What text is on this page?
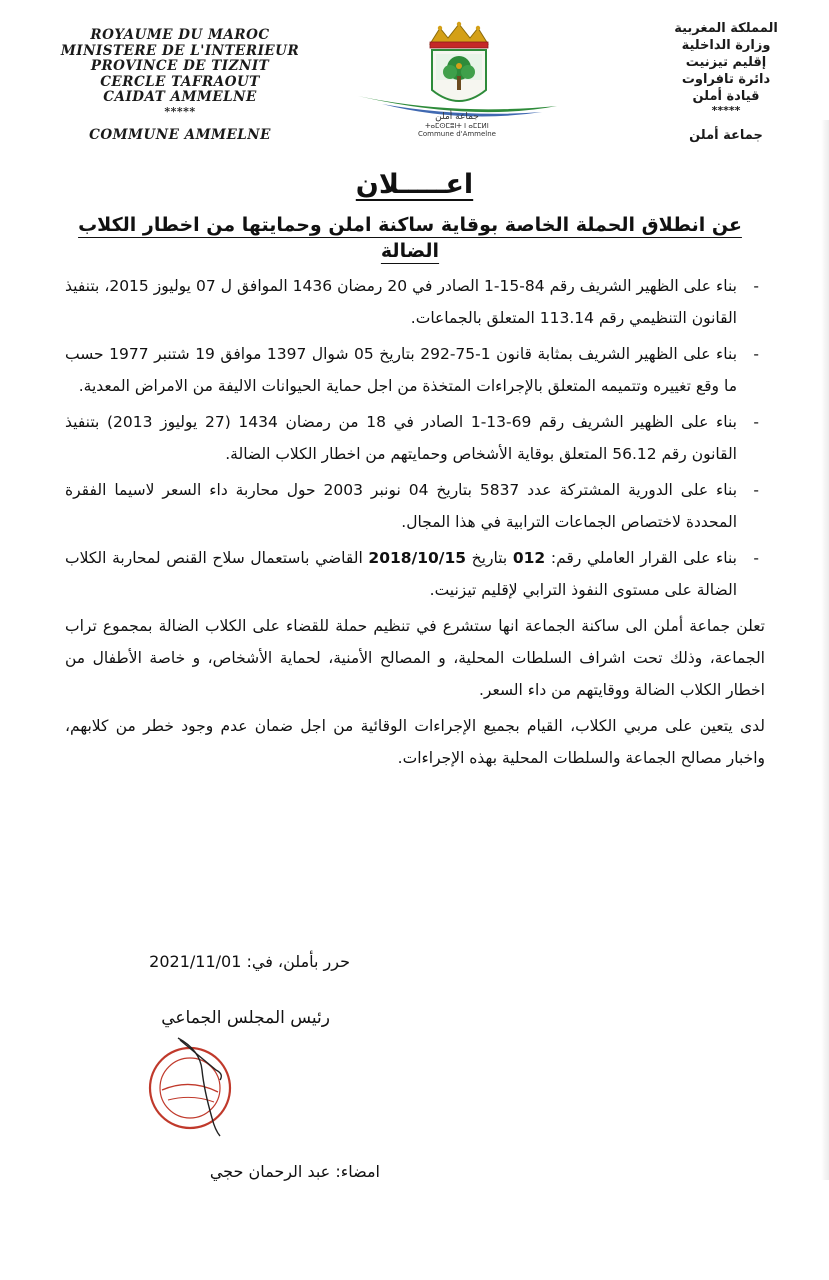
ROYAUME DU MAROC
MINISTERE DE L'INTERIEUR
PROVINCE DE TIZNIT
CERCLE TAFRAOUT
CAIDAT AMMELNE
*****
COMMUNE AMMELNE
جماعة أملن
ⵜⴰⵎⵙⵎⵓⵏⵜ ⵏ ⴰⵎⵎⵍⵏ
Commune d'Ammelne
المملكة المغربية
وزارة الداخلية
إقليم تيزنيت
دائرة تافراوت
قيادة أملن
*****
جماعة أملن
اعـــــلان
عن انطلاق الحملة الخاصة بوقاية ساكنة املن وحمايتها من اخطار الكلاب الضالة
-
بناء على الظهير الشريف رقم 84-15-1 الصادر في 20 رمضان 1436 الموافق ل 07 يوليوز 2015، بتنفيذ القانون التنظيمي رقم 113.14 المتعلق بالجماعات.
-
بناء على الظهير الشريف بمثابة قانون 1-75-292 بتاريخ 05 شوال 1397 موافق 19 شتنبر 1977 حسب ما وقع تغييره وتتميمه المتعلق بالإجراءات المتخذة من اجل حماية الحيوانات الاليفة من الامراض المعدية.
-
بناء على الظهير الشريف رقم 69-13-1 الصادر في 18 من رمضان 1434 (27 يوليوز 2013) بتنفيذ القانون رقم 56.12 المتعلق بوقاية الأشخاص وحمايتهم من اخطار الكلاب الضالة.
-
بناء على الدورية المشتركة عدد 5837 بتاريخ 04 نونبر 2003 حول محاربة داء السعر لاسيما الفقرة المحددة لاختصاص الجماعات الترابية في هذا المجال.
-
بناء على القرار العاملي رقم: 012 بتاريخ 2018/10/15 القاضي باستعمال سلاح القنص لمحاربة الكلاب الضالة على مستوى النفوذ الترابي لإقليم تيزنيت.

تعلن جماعة أملن الى ساكنة الجماعة انها ستشرع في تنظيم حملة للقضاء على الكلاب الضالة بمجموع تراب الجماعة، وذلك تحت اشراف السلطات المحلية، و المصالح الأمنية، لحماية الأشخاص، و خاصة الأطفال من اخطار الكلاب الضالة ووقايتهم من داء السعر.

لدى يتعين على مربي الكلاب، القيام بجميع الإجراءات الوقائية من اجل ضمان عدم وجود خطر من كلابهم، واخبار مصالح الجماعة والسلطات المحلية بهذه الإجراءات.

حرر بأملن، في: 2021/11/01
رئيس المجلس الجماعي
امضاء: عبد الرحمان حجي
